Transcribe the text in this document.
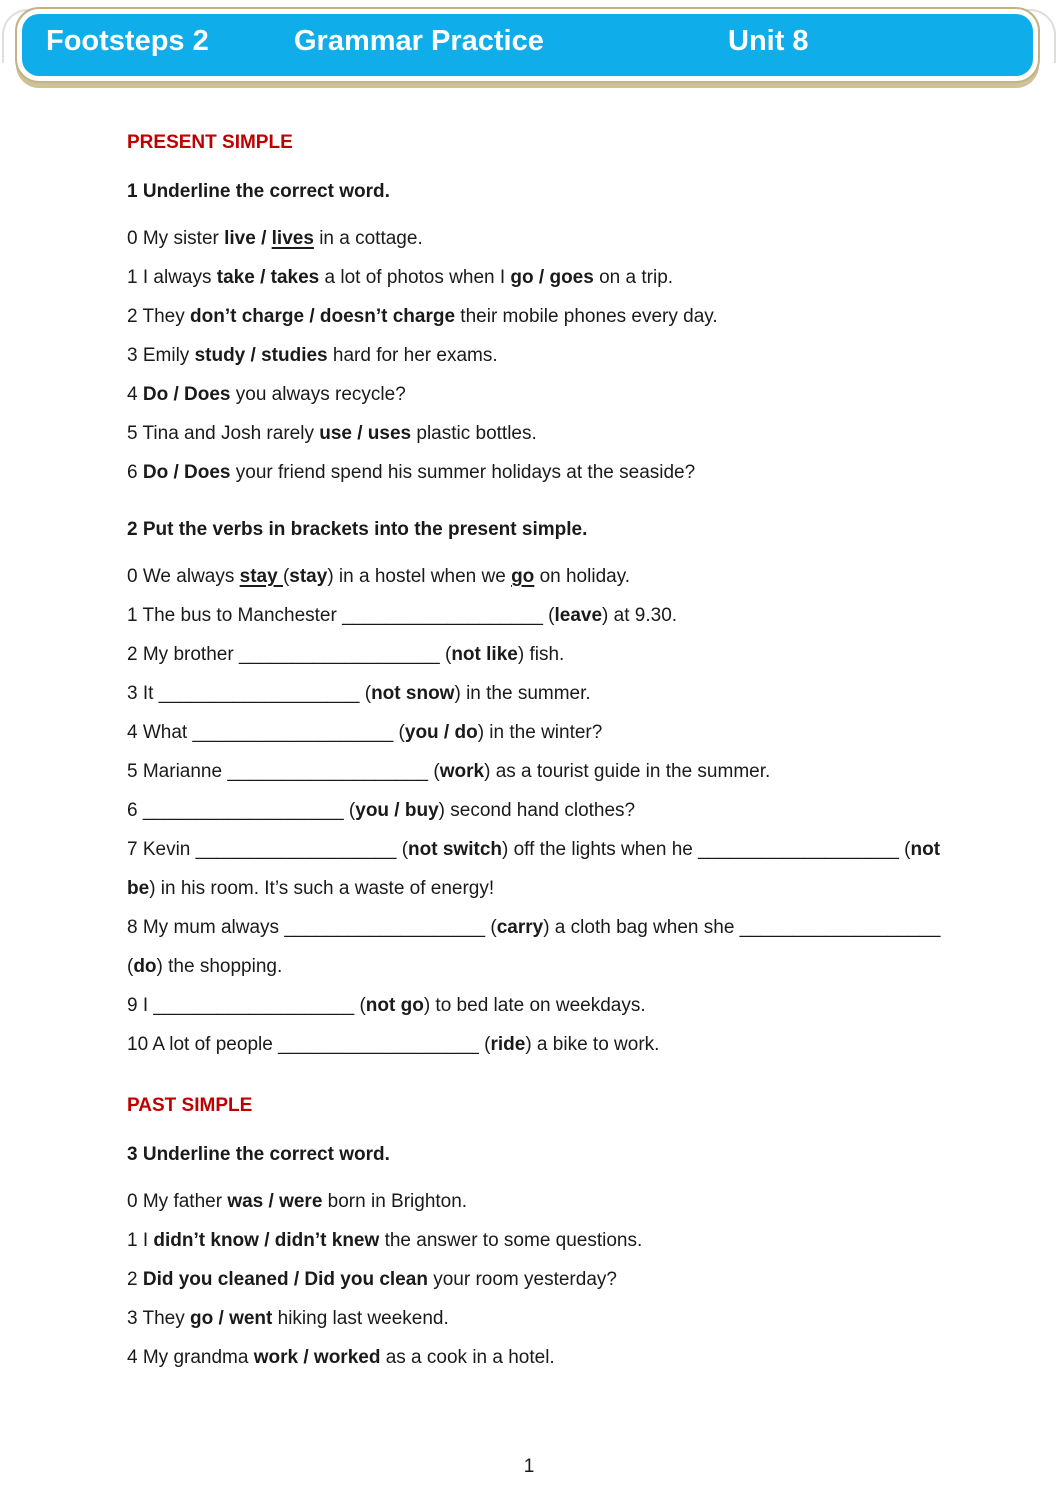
Footsteps 2	Grammar Practice	Unit 8

PRESENT SIMPLE

1 Underline the correct word.

0 My sister live / lives in a cottage.

1 I always take / takes a lot of photos when I go / goes on a trip.

2 They don’t charge / doesn’t charge their mobile phones every day.

3 Emily study / studies hard for her exams.

4 Do / Does you always recycle?

5 Tina and Josh rarely use / uses plastic bottles.

6 Do / Does your friend spend his summer holidays at the seaside?

2 Put the verbs in brackets into the present simple.

0 We always stay (stay) in a hostel when we go on holiday.

1 The bus to Manchester ___________________ (leave) at 9.30.

2 My brother ___________________ (not like) fish.

3 It ___________________ (not snow) in the summer.

4 What ___________________ (you / do) in the winter?

5 Marianne ___________________ (work) as a tourist guide in the summer.

6 ___________________ (you / buy) second hand clothes?

7 Kevin ___________________ (not switch) off the lights when he ___________________ (not
be) in his room. It’s such a waste of energy!

8 My mum always ___________________ (carry) a cloth bag when she ___________________
(do) the shopping.

9 I ___________________ (not go) to bed late on weekdays.

10 A lot of people ___________________ (ride) a bike to work.

PAST SIMPLE

3 Underline the correct word.

0 My father was / were born in Brighton.

1 I didn’t know / didn’t knew the answer to some questions.

2 Did you cleaned / Did you clean your room yesterday?

3 They go / went hiking last weekend.

4 My grandma work / worked as a cook in a hotel.

1
